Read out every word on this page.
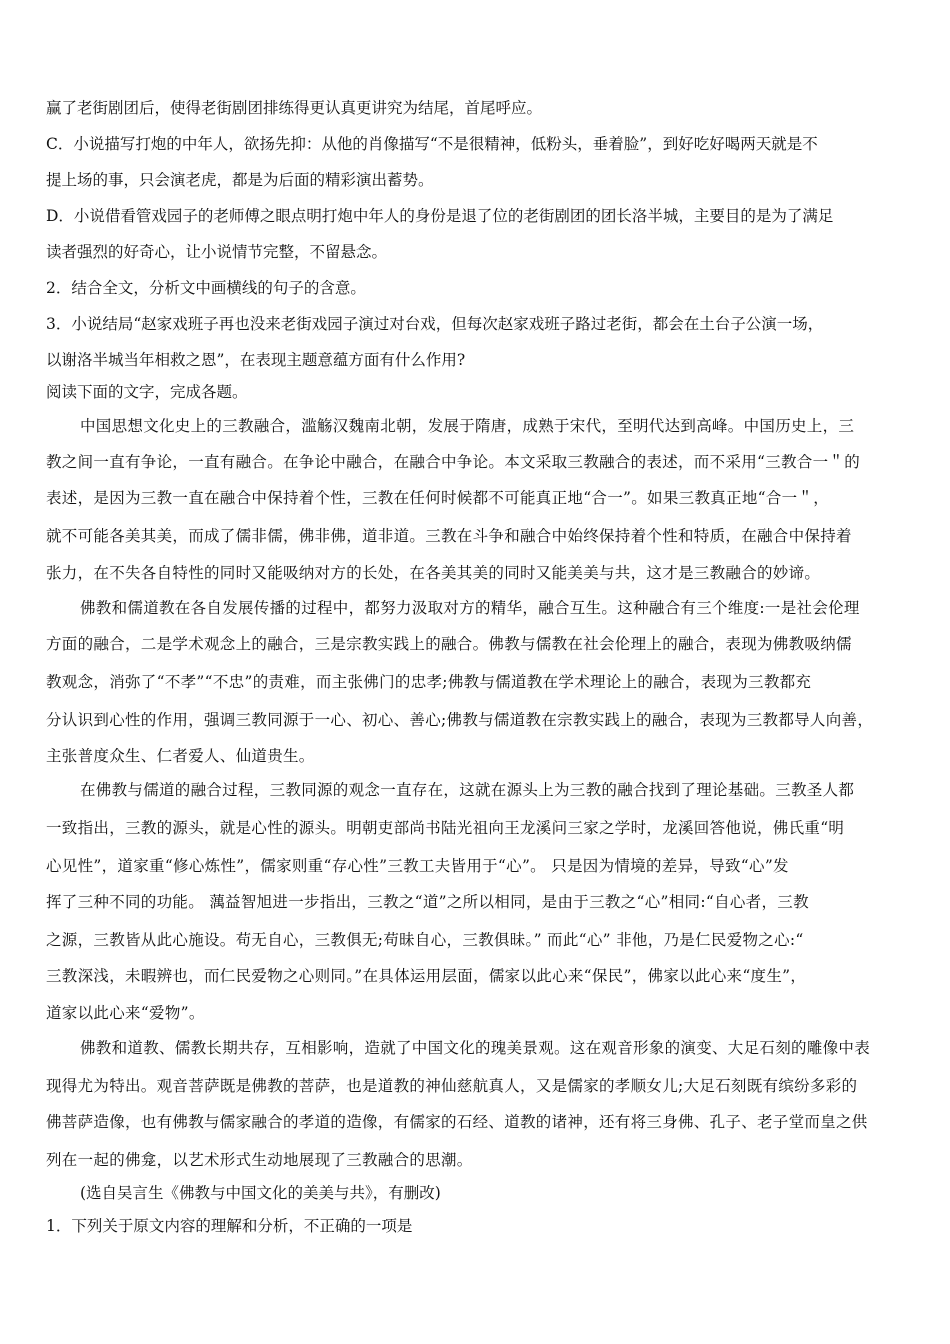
赢了老街剧团后，使得老街剧团排练得更认真更讲究为结尾，首尾呼应。
C．小说描写打炮的中年人，欲扬先抑：从他的肖像描写“不是很精神，低粉头，垂着脸”，到好吃好喝两天就是不
提上场的事，只会演老虎，都是为后面的精彩演出蓄势。
D．小说借看管戏园子的老师傅之眼点明打炮中年人的身份是退了位的老街剧团的团长洛半城，主要目的是为了满足
读者强烈的好奇心，让小说情节完整，不留悬念。
2．结合全文，分析文中画横线的句子的含意。
3．小说结局“赵家戏班子再也没来老街戏园子演过对台戏，但每次赵家戏班子路过老街，都会在土台子公演一场，
以谢洛半城当年相救之恩”，在表现主题意蕴方面有什么作用?
阅读下面的文字，完成各题。
中国思想文化史上的三教融合，滥觞汉魏南北朝，发展于隋唐，成熟于宋代，至明代达到高峰。中国历史上，三
教之间一直有争论，一直有融合。在争论中融合，在融合中争论。本文采取三教融合的表述，而不采用“三教合一＂的
表述，是因为三教一直在融合中保持着个性，三教在任何时候都不可能真正地“合一”。如果三教真正地“合一＂，
就不可能各美其美，而成了儒非儒，佛非佛，道非道。三教在斗争和融合中始终保持着个性和特质，在融合中保持着
张力，在不失各自特性的同时又能吸纳对方的长处，在各美其美的同时又能美美与共，这才是三教融合的妙谛。
佛教和儒道教在各自发展传播的过程中，都努力汲取对方的精华，融合互生。这种融合有三个维度:一是社会伦理
方面的融合，二是学术观念上的融合，三是宗教实践上的融合。佛教与儒教在社会伦理上的融合，表现为佛教吸纳儒
教观念，消弥了“不孝”“不忠”的责难，而主张佛门的忠孝;佛教与儒道教在学术理论上的融合，表现为三教都充
分认识到心性的作用，强调三教同源于一心、初心、善心;佛教与儒道教在宗教实践上的融合，表现为三教都导人向善，
主张普度众生、仁者爱人、仙道贵生。
在佛教与儒道的融合过程，三教同源的观念一直存在，这就在源头上为三教的融合找到了理论基础。三教圣人都
一致指出，三教的源头，就是心性的源头。明朝吏部尚书陆光祖向王龙溪问三家之学时，龙溪回答他说，佛氏重“明
心见性”，道家重“修心炼性”，儒家则重“存心性”三教工夫皆用于“心”。 只是因为情境的差异，导致“心”发
挥了三种不同的功能。 蕅益智旭进一步指出，三教之“道”之所以相同，是由于三教之“心”相同:“自心者，三教
之源，三教皆从此心施设。苟无自心，三教俱无;苟昧自心，三教俱昧。” 而此“心” 非他，乃是仁民爱物之心:“
三教深浅，未暇辨也，而仁民爱物之心则同。”在具体运用层面，儒家以此心来“保民”，佛家以此心来“度生”，
道家以此心来“爱物”。
佛教和道教、儒教长期共存，互相影响，造就了中国文化的瑰美景观。这在观音形象的演变、大足石刻的雕像中表
现得尤为特出。观音菩萨既是佛教的菩萨，也是道教的神仙慈航真人，又是儒家的孝顺女儿;大足石刻既有缤纷多彩的
佛菩萨造像，也有佛教与儒家融合的孝道的造像，有儒家的石经、道教的诸神，还有将三身佛、孔子、老子堂而皇之供
列在一起的佛龛，以艺术形式生动地展现了三教融合的思潮。
(选自吴言生《佛教与中国文化的美美与共》，有删改)
1．下列关于原文内容的理解和分析，不正确的一项是
